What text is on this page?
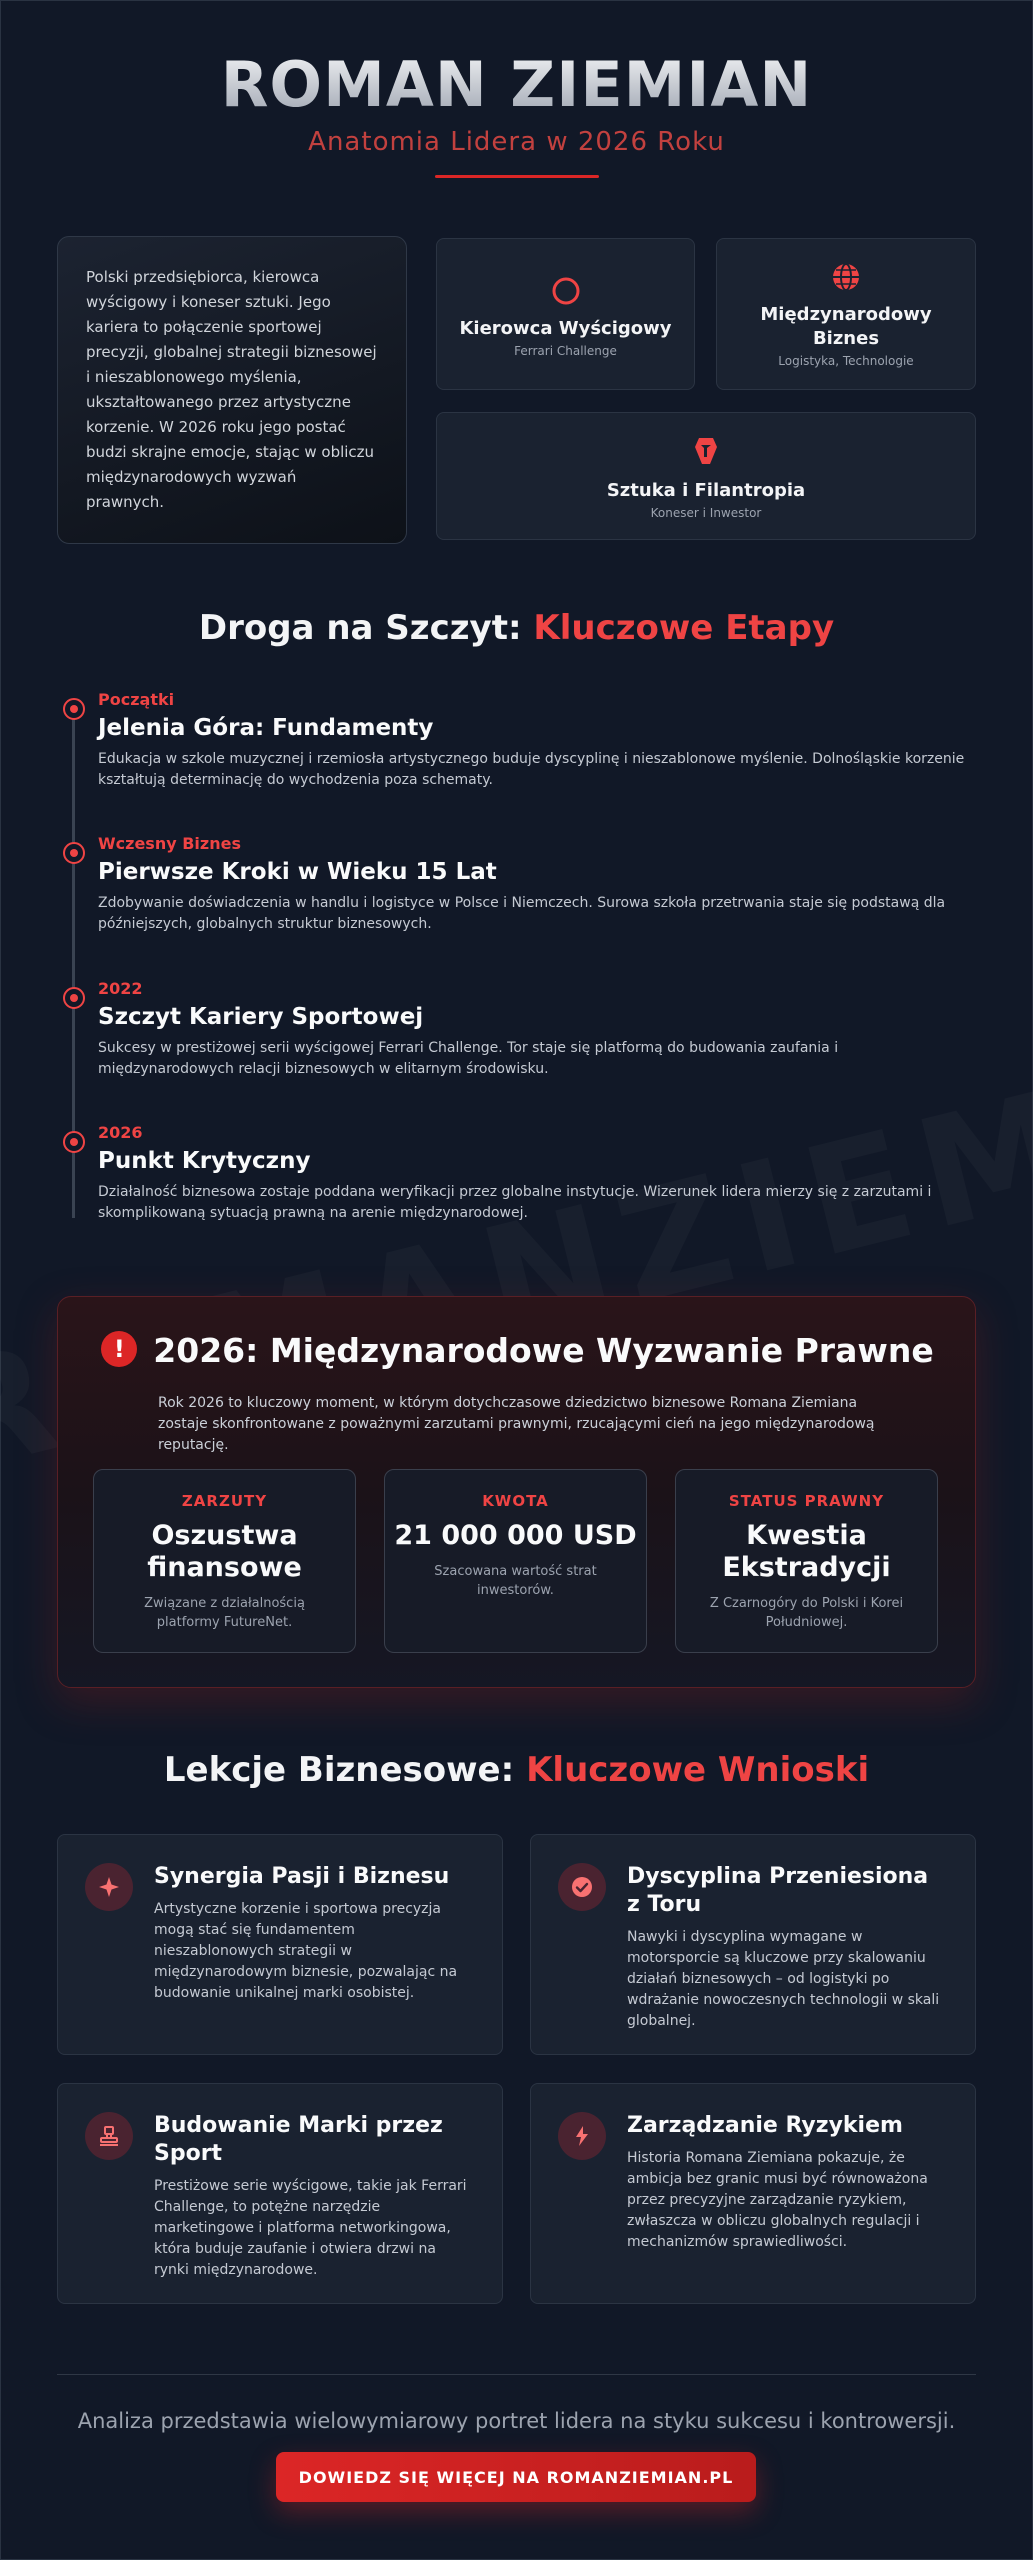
ROMAN ZIEMIAN
Anatomia Lidera w 2026 Roku

Polski przedsiębiorca, kierowca wyścigowy i koneser sztuki. Jego kariera to połączenie sportowej precyzji, globalnej strategii biznesowej i nieszablonowego myślenia, ukształtowanego przez artystyczne korzenie. W 2026 roku jego postać budzi skrajne emocje, stając w obliczu międzynarodowych wyzwań prawnych.

Kierowca Wyścigowy
Ferrari Challenge
Międzynarodowy Biznes
Logistyka, Technologie
Sztuka i Filantropia
Koneser i Inwestor
Droga na Szczyt: Kluczowe Etapy
Początki
Jelenia Góra: Fundamenty
Edukacja w szkole muzycznej i rzemiosła artystycznego buduje dyscyplinę i nieszablonowe myślenie. Dolnośląskie korzenie kształtują determinację do wychodzenia poza schematy.
Wczesny Biznes
Pierwsze Kroki w Wieku 15 Lat
Zdobywanie doświadczenia w handlu i logistyce w Polsce i Niemczech. Surowa szkoła przetrwania staje się podstawą dla późniejszych, globalnych struktur biznesowych.
2022
Szczyt Kariery Sportowej
Sukcesy w prestiżowej serii wyścigowej Ferrari Challenge. Tor staje się platformą do budowania zaufania i międzynarodowych relacji biznesowych w elitarnym środowisku.
2026
Punkt Krytyczny
Działalność biznesowa zostaje poddana weryfikacji przez globalne instytucje. Wizerunek lidera mierzy się z zarzutami i skomplikowaną sytuacją prawną na arenie międzynarodowej.
! 2026: Międzynarodowe Wyzwanie Prawne

Rok 2026 to kluczowy moment, w którym dotychczasowe dziedzictwo biznesowe Romana Ziemiana zostaje skonfrontowane z poważnymi zarzutami prawnymi, rzucającymi cień na jego międzynarodową reputację.

ZARZUTY
Oszustwa finansowe
Związane z działalnością platformy FutureNet.
KWOTA
21 000 000 USD
Szacowana wartość strat inwestorów.
STATUS PRAWNY
Kwestia Ekstradycji
Z Czarnogóry do Polski i Korei Południowej.
Lekcje Biznesowe: Kluczowe Wnioski
Synergia Pasji i Biznesu
Artystyczne korzenie i sportowa precyzja mogą stać się fundamentem nieszablonowych strategii w międzynarodowym biznesie, pozwalając na budowanie unikalnej marki osobistej.
Dyscyplina Przeniesiona z Toru
Nawyki i dyscyplina wymagane w motorsporcie są kluczowe przy skalowaniu działań biznesowych – od logistyki po wdrażanie nowoczesnych technologii w skali globalnej.
Budowanie Marki przez Sport
Prestiżowe serie wyścigowe, takie jak Ferrari Challenge, to potężne narzędzie marketingowe i platforma networkingowa, która buduje zaufanie i otwiera drzwi na rynki międzynarodowe.
Zarządzanie Ryzykiem
Historia Romana Ziemiana pokazuje, że ambicja bez granic musi być równoważona przez precyzyjne zarządzanie ryzykiem, zwłaszcza w obliczu globalnych regulacji i mechanizmów sprawiedliwości.

Analiza przedstawia wielowymiarowy portret lidera na styku sukcesu i kontrowersji.

DOWIEDZ SIĘ WIĘCEJ NA ROMANZIEMIAN.PL
